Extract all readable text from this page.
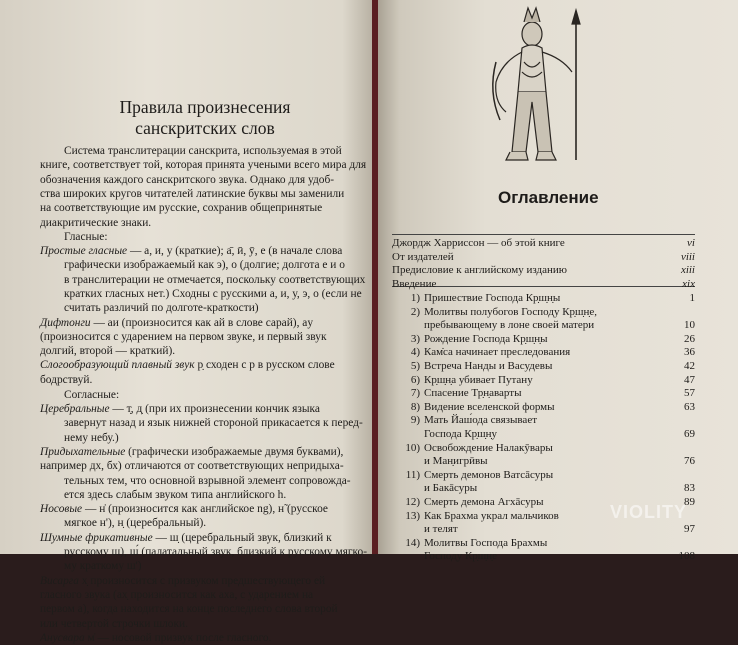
Правила произнесения
санскритских слов
Система транслитерации санскрита, используемая в этой
книге, соответствует той, которая принята учеными всего мира для
обозначения каждого санскритского звука. Однако для удоб-
ства широких кругов читателей латинские буквы мы заменили
на соответствующие им русские, сохранив общепринятые
диакритические знаки.
Гласные:
Простые гласные — а, и, у (краткие); а̄, ӣ, ӯ, е (в начале слова
графически изображаемый как э), о (долгие; долгота е и о
в транслитерации не отмечается, поскольку соответствующих
кратких гласных нет.) Сходны с русскими а, и, у, э, о (если не
считать различий по долготе-краткости)
Дифтонги — аи (произносится как ай в слове сарай), аy
(произносится с ударением на первом звуке, и первый звук
долгий, второй — краткий).
Слогообразующий плавный звук р̣ сходен с р в русском слове
бодрствуй.
Согласные:
Церебральные — т̣, д̣ (при их произнесении кончик языка
завернут назад и язык нижней стороной прикасается к перед-
нему небу.)
Придыхательные (графически изображаемые двумя буквами),
например дх, бх) отличаются от соответствующих непридыха-
тельных тем, что основной взрывной элемент сопровожда-
ется здесь слабым звуком типа английского h.
Носовые — н̇ (произносится как английское ng), н̃ (русское
мягкое н'), н̣ (церебральный).
Шумные фрикативные — ш̣ (церебральный звук, близкий к
русскому ш), ш́ (палатальный звук, близкий к русскому мягко-
му краткому ш')
Висарга х̣ произносится с призвуком предшествующего ей
гласного звука (ах̣ произносится как аха, с ударением на
первом а), когда находится на конце последнего слова второй
или четвертой строчки шлоки.
Анусвара м̇ — носовой призвук после гласного.
Оглавление
Джордж Харриссон — об этой книге	vi
От издателей	viii
Предисловие к английскому изданию	xiii
Введение	xix
1) Пришествие Господа Кр̣ш̣н̣ы	1
2) Молитвы полубогов Господу Кр̣ш̣н̣е,
пребывающему в лоне своей матери	10
3) Рождение Господа Кр̣ш̣н̣ы	26
4) Кам̇са начинает преследования	36
5) Встреча Нанды и Васудевы	42
6) Кр̣ш̣н̣а убивает Путану	47
7) Спасение Тр̣н̣аварты	57
8) Видение вселенской формы	63
9) Мать Йаш́ода связывает
Господа Кр̣ш̣н̣у	69
10) Освобождение Налакӯвары
и Ман̣игрӣвы	76
11) Смерть демонов Ватсāсуры
и Бакāсуры	83
12) Смерть демона Агхāсуры	89
13) Как Брахма украл мальчиков
и телят	97
14) Молитвы Господа Брахмы
Господу Кр̣ш̣н̣е	108
VIOLITY
